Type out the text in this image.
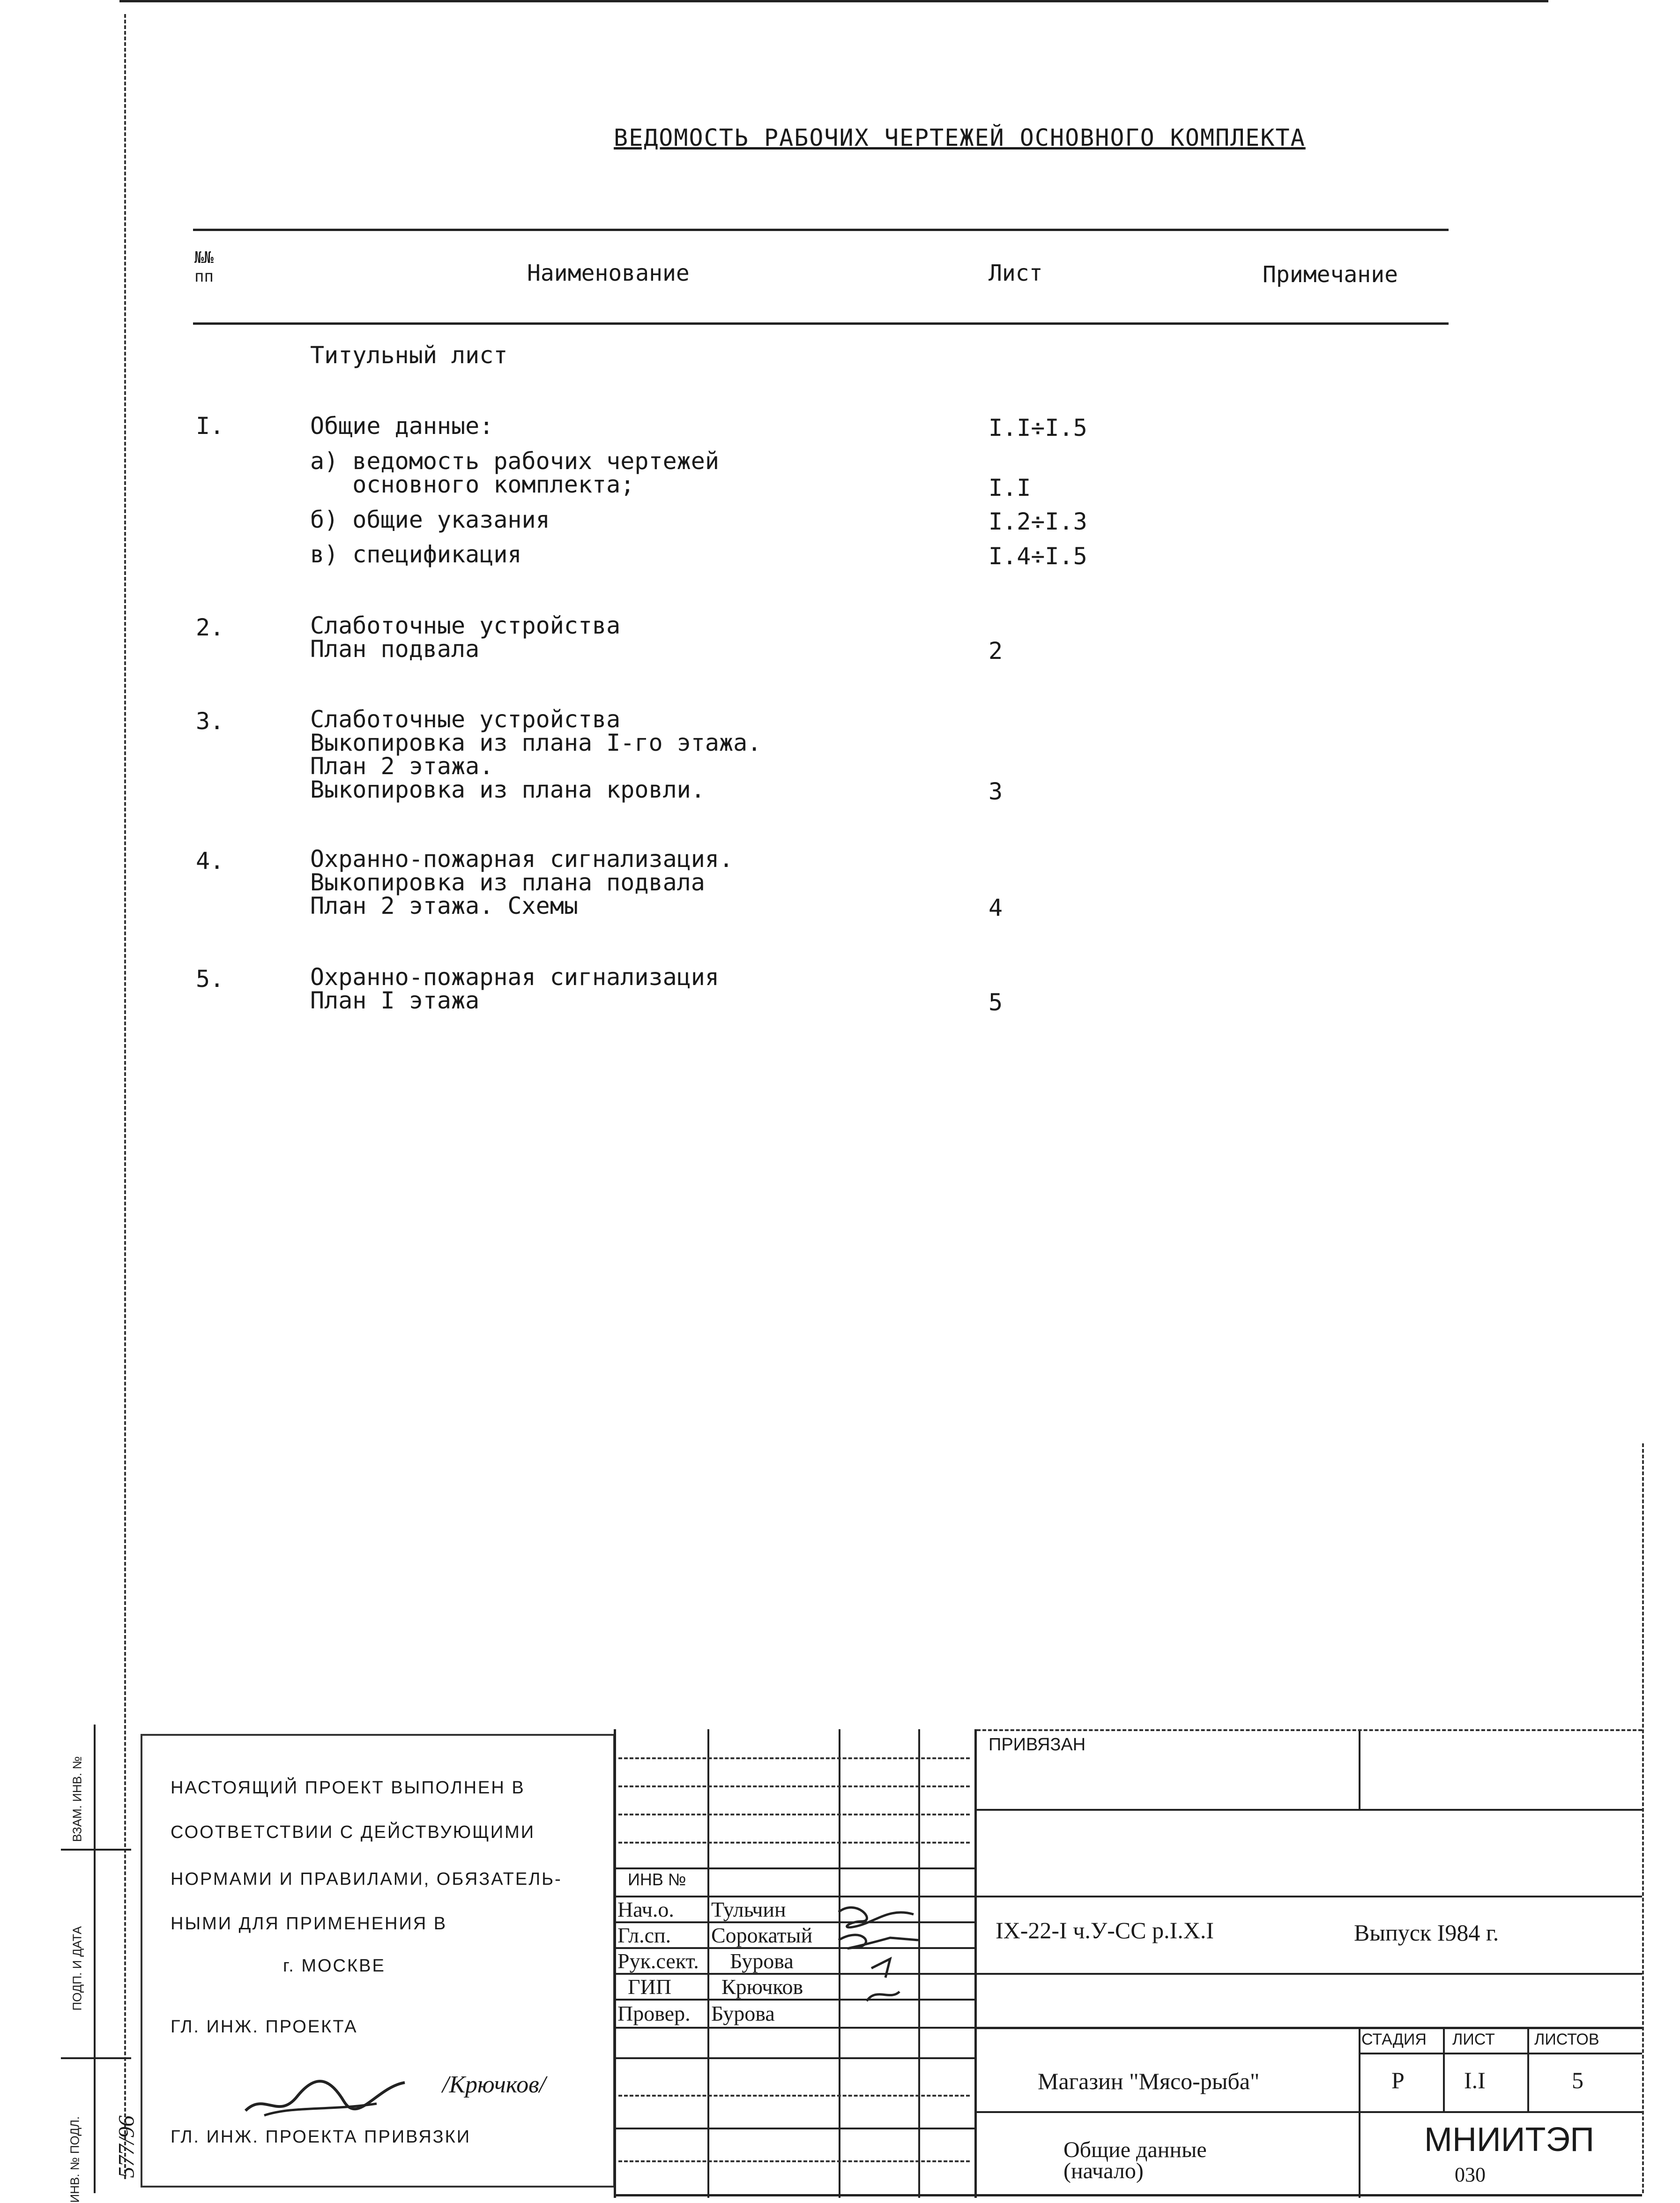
ВЕДОМОСТЬ РАБОЧИХ ЧЕРТЕЖЕЙ ОСНОВНОГО КОМПЛЕКТА
№№ пп	Наименование	Лист	Примечание
Титульный лист
I.	Общие данные:	I.I÷I.5
а) ведомость рабочих чертежей
основного комплекта;	I.I
б) общие указания	I.2÷I.3
в) спецификация	I.4÷I.5
2.	Слаботочные устройства
План подвала	2
3.	Слаботочные устройства
Выкопировка из плана I-го этажа.
План 2 этажа.
Выкопировка из плана кровли.	3
4.	Охранно-пожарная сигнализация.
Выкопировка из плана подвала
План 2 этажа. Схемы	4
5.	Охранно-пожарная сигнализация
План I этажа	5
ВЗАМ. ИНВ. №
ПОДП. И ДАТА
ИНВ. № ПОДЛ. 577/96
НАСТОЯЩИЙ ПРОЕКТ ВЫПОЛНЕН В
СООТВЕТСТВИИ С ДЕЙСТВУЮЩИМИ
НОРМАМИ И ПРАВИЛАМИ, ОБЯЗАТЕЛЬ-
НЫМИ ДЛЯ ПРИМЕНЕНИЯ В
г. МОСКВЕ
ГЛ. ИНЖ. ПРОЕКТА
/Крючков/
ГЛ. ИНЖ. ПРОЕКТА ПРИВЯЗКИ
ИНВ №
Нач.о. Тульчин
Гл.сп. Сорокатый
Рук.сект. Бурова
ГИП Крючков
Провер. Бурова
ПРИВЯЗАН
IX-22-I ч.У-СС р.I.X.I	Выпуск I984 г.
СТАДИЯ ЛИСТ ЛИСТОВ
Р	I.I	5
Магазин "Мясо-рыба"
Общие данные
(начало)
МНИИТЭП
030
